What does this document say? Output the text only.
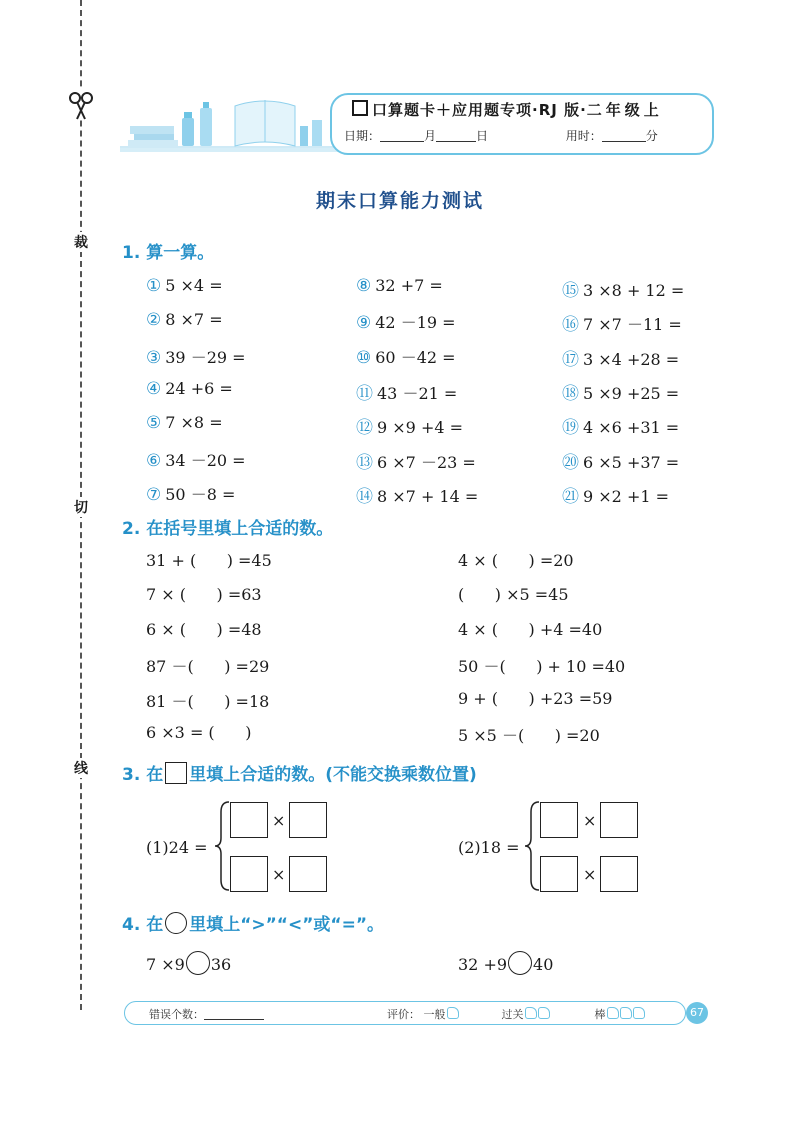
裁
切
线
口算题卡＋应用题专项·RJ 版·二年级上
日期：	月	日	用时：	分
期末口算能力测试
1. 算一算。
① 5 ×4 =
② 8 ×7 =
③ 39 －29 =
④ 24 +6 =
⑤ 7 ×8 =
⑥ 34 －20 =
⑦ 50 －8 =
⑧ 32 +7 =
⑨ 42 －19 =
⑩ 60 －42 =
⑪ 43 －21 =
⑫ 9 ×9 +4 =
⑬ 6 ×7 －23 =
⑭ 8 ×7 + 14 =
⑮ 3 ×8 + 12 =
⑯ 7 ×7 －11 =
⑰ 3 ×4 +28 =
⑱ 5 ×9 +25 =
⑲ 4 ×6 +31 =
⑳ 6 ×5 +37 =
㉑ 9 ×2 +1 =
2. 在括号里填上合适的数。
31 + (      ) =45
7 × (      ) =63
6 × (      ) =48
87 －(      ) =29
81 －(      ) =18
6 ×3 = (      )
4 × (      ) =20
(      ) ×5 =45
4 × (      ) +4 =40
50 －(      ) + 10 =40
9 + (      ) +23 =59
5 ×5 －(      ) =20
3. 在 里填上合适的数。(不能交换乘数位置)
(1)24 =
×
×
(2)18 =
×
×
4. 在 里填上“>”“<”或“=”。
7 ×9 36	32 +9 40
错误个数：	评价： 一般	过关	棒	67
